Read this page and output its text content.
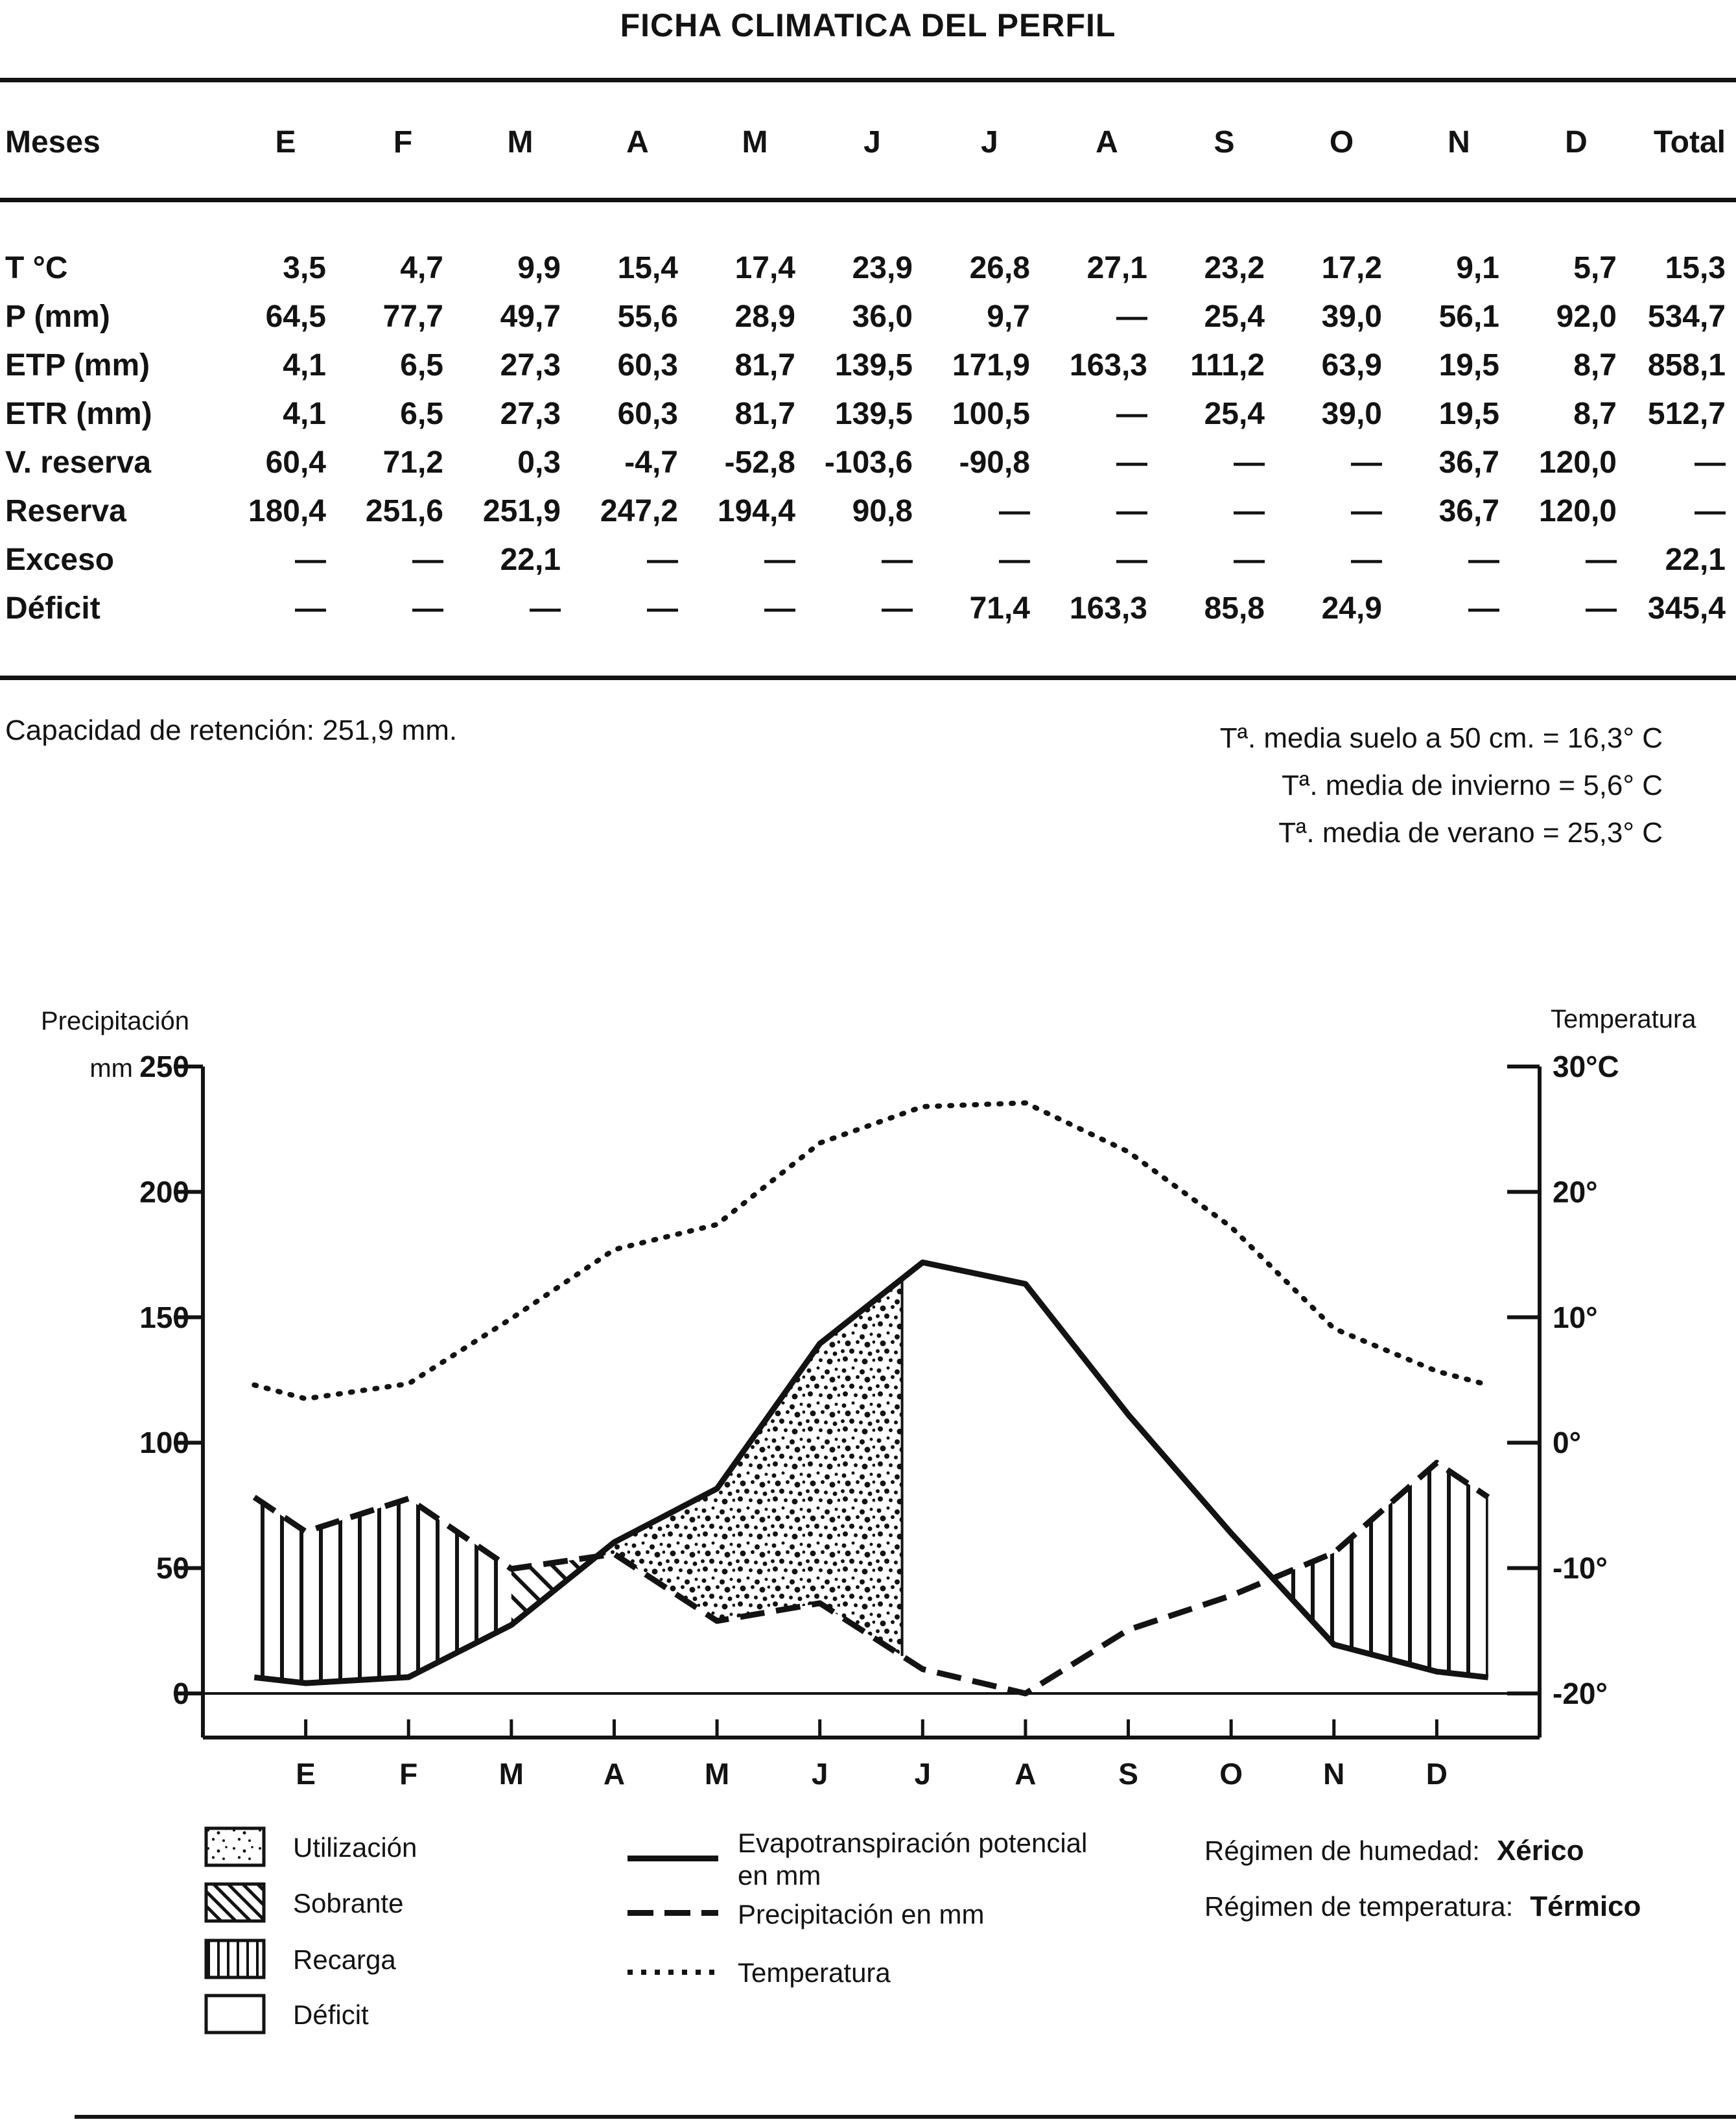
FICHA CLIMATICA DEL PERFIL
Meses	E	F	M	A	M	J	J	A	S	O	N	D	Total
T °C	3,5	4,7	9,9	15,4	17,4	23,9	26,8	27,1	23,2	17,2	9,1	5,7	15,3
P (mm)	64,5	77,7	49,7	55,6	28,9	36,0	9,7	—	25,4	39,0	56,1	92,0 534,7
ETP (mm)	4,1	6,5	27,3	60,3	81,7	139,5	171,9	163,3	111,2	63,9	19,5	8,7 858,1
ETR (mm)	4,1	6,5	27,3	60,3	81,7	139,5	100,5	—	25,4	39,0	19,5	8,7 512,7
V. reserva	60,4	71,2	0,3	-4,7	-52,8 -103,6	-90,8	—	—	—	36,7	120,0	—
Reserva	180,4	251,6	251,9	247,2	194,4	90,8	—	—	—	—	36,7	120,0	—
Exceso	—	—	22,1	—	—	—	—	—	—	—	—	—	22,1
Déficit	—	—	—	—	—	—	71,4	163,3	85,8	24,9	—	— 345,4
Capacidad de retención: 251,9 mm.	Tª. media suelo a 50 cm. = 16,3° C
Tª. media de invierno = 5,6° C
Tª. media de verano = 25,3° C
250
200
150
100
50
0
Precipitación
mm	30°C
20°
10°
0°
-10°
-20°
Temperatura
E	F	M	A	M	J	J	A	S	O	N	D
Utilización
Sobrante
Recarga
Déficit
Evapotranspiración potencial en mm
Precipitación en mm
Temperatura
Régimen de humedad: Xérico
Régimen de temperatura: Térmico
